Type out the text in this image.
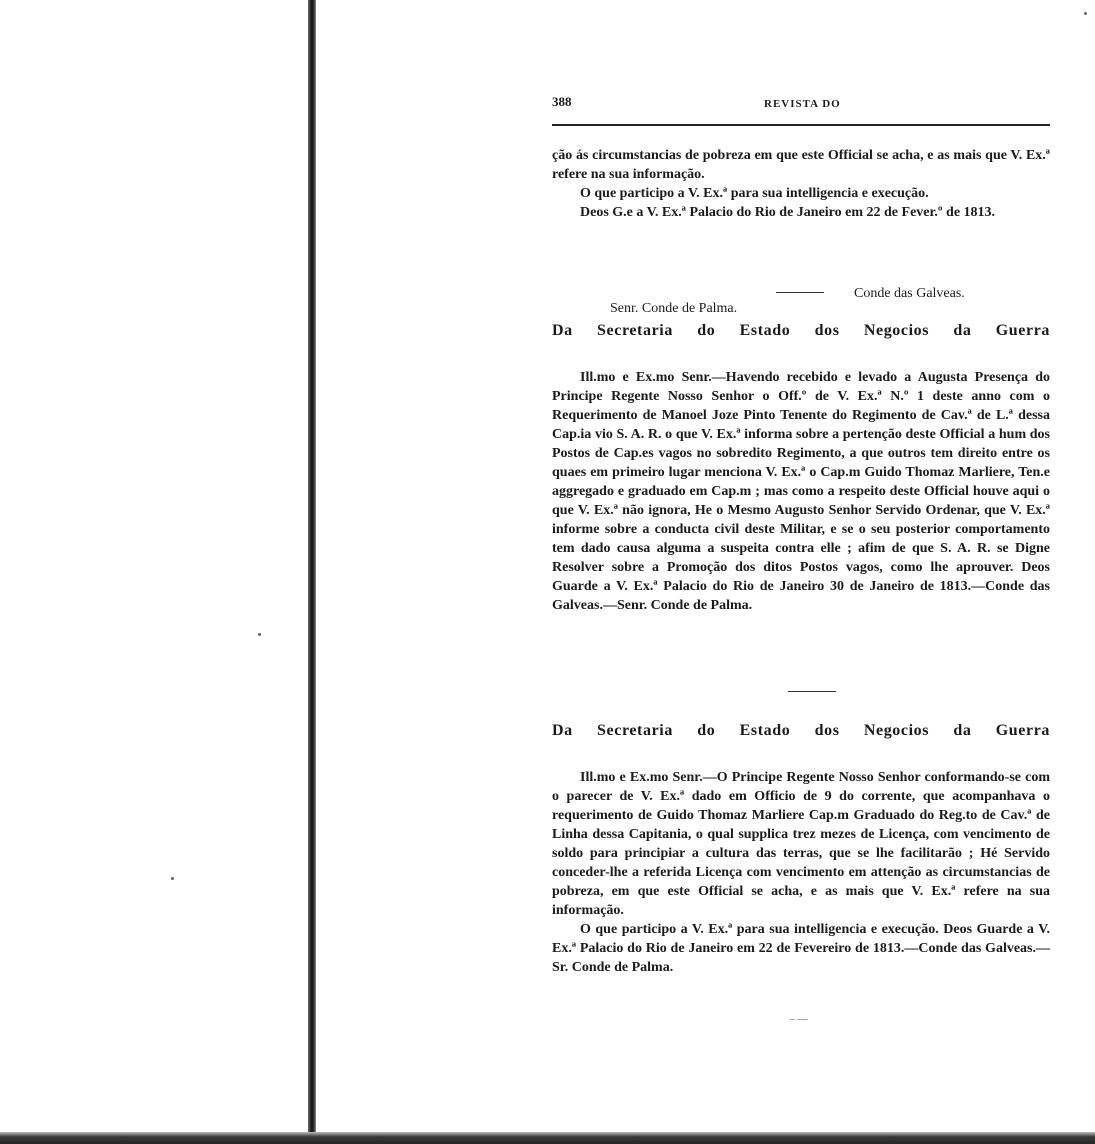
388	REVISTA DO

ção ás circumstancias de pobreza em que este Official se acha, e as mais que V. Ex.ª refere na sua informação.

O que participo a V. Ex.ª para sua intelligencia e execução.

Deos G.e a V. Ex.ª Palacio do Rio de Janeiro em 22 de Fever.º de 1813.

Conde das Galveas.
Senr. Conde de Palma.
Da Secretaria do Estado dos Negocios da Guerra

Ill.mo e Ex.mo Senr.—Havendo recebido e levado a Augusta Presença do Principe Regente Nosso Senhor o Off.º de V. Ex.ª N.º 1 deste anno com o Requerimento de Manoel Joze Pinto Tenente do Regimento de Cav.ª de L.ª dessa Cap.ia vio S. A. R. o que V. Ex.ª informa sobre a pertenção deste Official a hum dos Postos de Cap.es vagos no sobredito Regimento, a que outros tem direito entre os quaes em primeiro lugar menciona V. Ex.ª o Cap.m Guido Thomaz Marliere, Ten.e aggregado e graduado em Cap.m ; mas como a respeito deste Official houve aqui o que V. Ex.ª não ignora, He o Mesmo Augusto Senhor Servido Ordenar, que V. Ex.ª informe sobre a conducta civil deste Militar, e se o seu posterior comportamento tem dado causa alguma a suspeita contra elle ; afim de que S. A. R. se Digne Resolver sobre a Promoção dos ditos Postos vagos, como lhe aprouver. Deos Guarde a V. Ex.ª Palacio do Rio de Janeiro 30 de Janeiro de 1813.—Conde das Galveas.—Senr. Conde de Palma.

Da Secretaria do Estado dos Negocios da Guerra

Ill.mo e Ex.mo Senr.—O Principe Regente Nosso Senhor conformando-se com o parecer de V. Ex.ª dado em Officio de 9 do corrente, que acompanhava o requerimento de Guido Thomaz Marliere Cap.m Graduado do Reg.to de Cav.ª de Linha dessa Capitania, o qual supplica trez mezes de Licença, com vencimento de soldo para principiar a cultura das terras, que se lhe facilitarão ; Hé Servido conceder-lhe a referida Licença com vencimento em attenção as circumstancias de pobreza, em que este Official se acha, e as mais que V. Ex.ª refere na sua informação.

O que participo a V. Ex.ª para sua intelligencia e execução. Deos Guarde a V. Ex.ª Palacio do Rio de Janeiro em 22 de Fevereiro de 1813.—Conde das Galveas.—Sr. Conde de Palma.

– —
